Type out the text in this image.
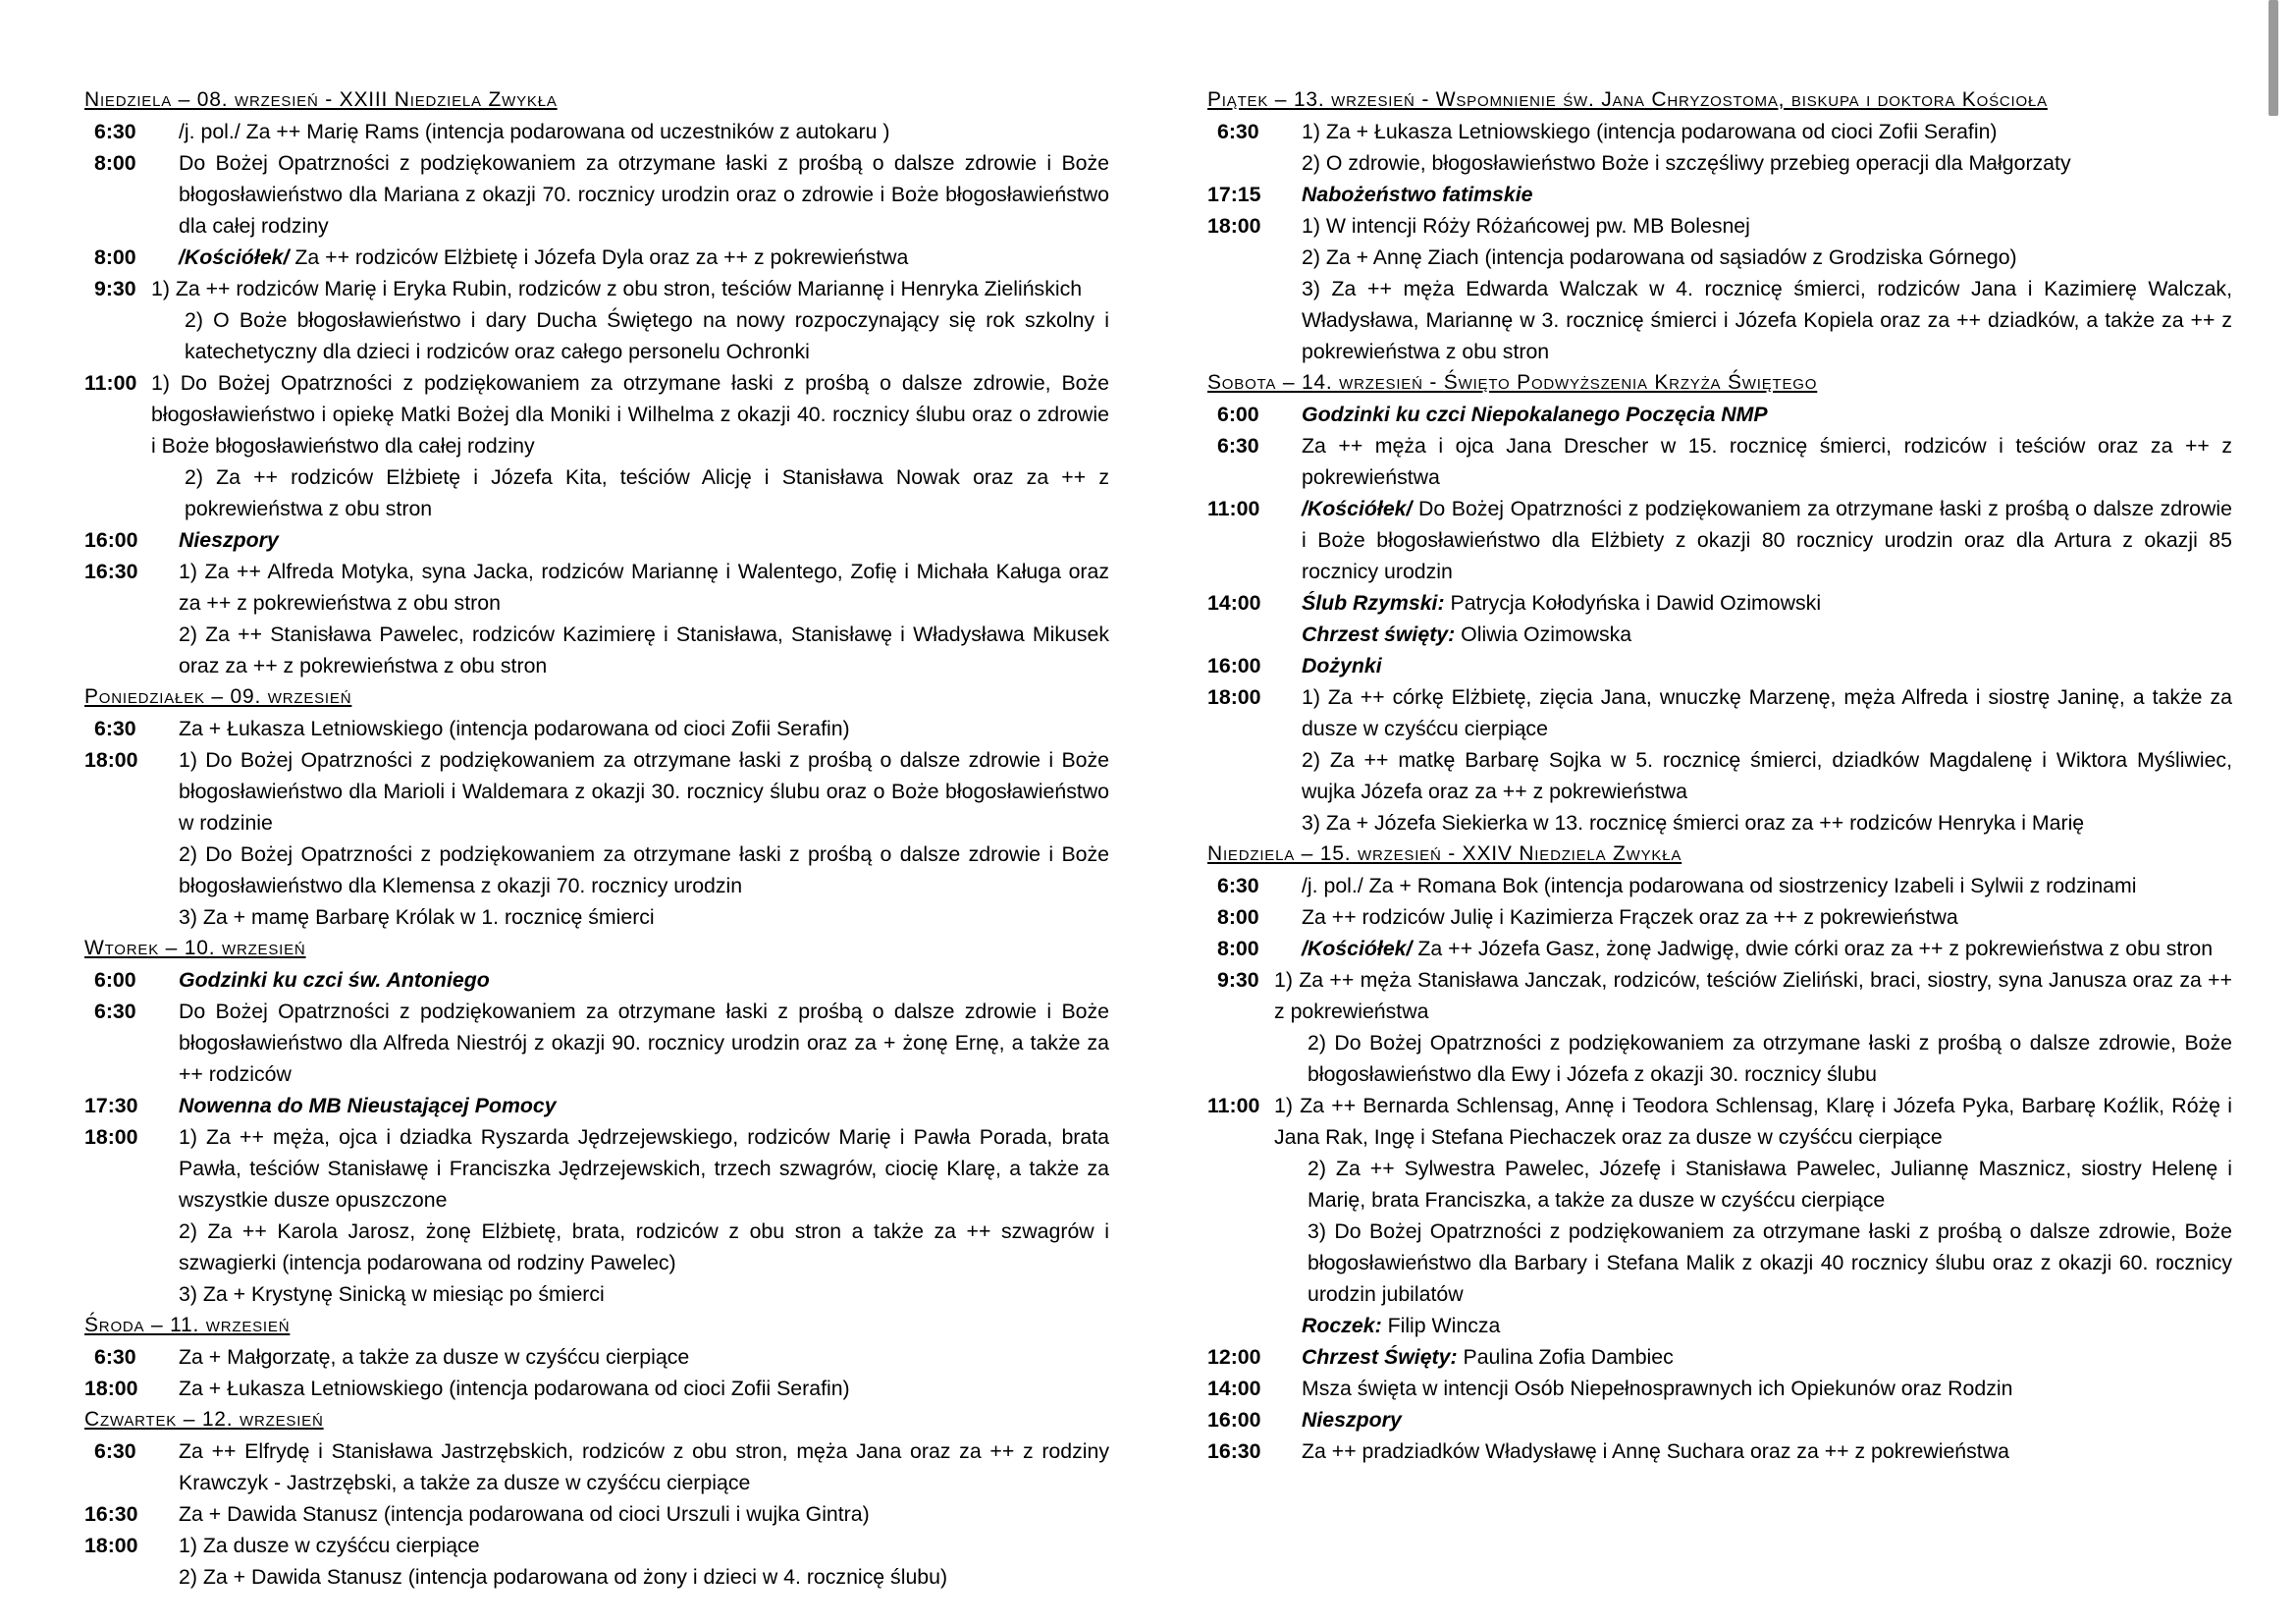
Niedziela – 08. wrzesień - XXIII Niedziela Zwykła
6:30	/j. pol./ Za ++ Marię Rams (intencja podarowana od uczestników z autokaru )

8:00	Do Bożej Opatrzności z podziękowaniem za otrzymane łaski z prośbą o dalsze zdrowie i Boże błogosławieństwo dla Mariana z okazji 70. rocznicy urodzin oraz o zdrowie i Boże błogosławieństwo dla całej rodziny

8:00	/Kościółek/ Za ++ rodziców Elżbietę i Józefa Dyla oraz za ++ z pokrewieństwa

9:30 1) Za ++ rodziców Marię i Eryka Rubin, rodziców z obu stron, teściów Mariannę i Henryka Zielińskich

2) O Boże błogosławieństwo i dary Ducha Świętego na nowy rozpoczynający się rok szkolny i katechetyczny dla dzieci i rodziców oraz całego personelu Ochronki

11:00 1) Do Bożej Opatrzności z podziękowaniem za otrzymane łaski z prośbą o dalsze zdrowie, Boże błogosławieństwo i opiekę Matki Bożej dla Moniki i Wilhelma z okazji 40. rocznicy ślubu oraz o zdrowie i Boże błogosławieństwo dla całej rodziny

2) Za ++ rodziców Elżbietę i Józefa Kita, teściów Alicję i Stanisława Nowak oraz za ++ z pokrewieństwa z obu stron

16:00	Nieszpory

16:30	1) Za ++ Alfreda Motyka, syna Jacka, rodziców Mariannę i Walentego, Zofię i Michała Kaługa oraz za ++ z pokrewieństwa z obu stron

2) Za ++ Stanisława Pawelec, rodziców Kazimierę i Stanisława, Stanisławę i Władysława Mikusek oraz za ++ z pokrewieństwa z obu stron

Poniedziałek – 09. wrzesień
6:30	Za + Łukasza Letniowskiego (intencja podarowana od cioci Zofii Serafin)

18:00	1) Do Bożej Opatrzności z podziękowaniem za otrzymane łaski z prośbą o dalsze zdrowie i Boże błogosławieństwo dla Marioli i Waldemara z okazji 30. rocznicy ślubu oraz o Boże błogosławieństwo w rodzinie

2) Do Bożej Opatrzności z podziękowaniem za otrzymane łaski z prośbą o dalsze zdrowie i Boże błogosławieństwo dla Klemensa z okazji 70. rocznicy urodzin

3) Za + mamę Barbarę Królak w 1. rocznicę śmierci

Wtorek – 10. wrzesień
6:00	Godzinki ku czci św. Antoniego

6:30	Do Bożej Opatrzności z podziękowaniem za otrzymane łaski z prośbą o dalsze zdrowie i Boże błogosławieństwo dla Alfreda Niestrój z okazji 90. rocznicy urodzin oraz za + żonę Ernę, a także za ++ rodziców

17:30	Nowenna do MB Nieustającej Pomocy

18:00	1) Za ++ męża, ojca i dziadka Ryszarda Jędrzejewskiego, rodziców Marię i Pawła Porada, brata Pawła, teściów Stanisławę i Franciszka Jędrzejewskich, trzech szwagrów, ciocię Klarę, a także za wszystkie dusze opuszczone

2) Za ++ Karola Jarosz, żonę Elżbietę, brata, rodziców z obu stron a także za ++ szwagrów i szwagierki (intencja podarowana od rodziny Pawelec)

3) Za + Krystynę Sinicką w miesiąc po śmierci

Środa – 11. wrzesień
6:30	Za + Małgorzatę, a także za dusze w czyśćcu cierpiące

18:00	Za + Łukasza Letniowskiego (intencja podarowana od cioci Zofii Serafin)

Czwartek – 12. wrzesień
6:30	Za ++ Elfrydę i Stanisława Jastrzębskich, rodziców z obu stron, męża Jana oraz za ++ z rodziny Krawczyk - Jastrzębski, a także za dusze w czyśćcu cierpiące

16:30	Za + Dawida Stanusz (intencja podarowana od cioci Urszuli i wujka Gintra)

18:00	1) Za dusze w czyśćcu cierpiące

2) Za + Dawida Stanusz (intencja podarowana od żony i dzieci w 4. rocznicę ślubu)

Piątek – 13. wrzesień - Wspomnienie św. Jana Chryzostoma, biskupa i doktora Kościoła
6:30	1) Za + Łukasza Letniowskiego (intencja podarowana od cioci Zofii Serafin)

2) O zdrowie, błogosławieństwo Boże i szczęśliwy przebieg operacji dla Małgorzaty

17:15	Nabożeństwo fatimskie

18:00	1) W intencji Róży Różańcowej pw. MB Bolesnej

2) Za + Annę Ziach (intencja podarowana od sąsiadów z Grodziska Górnego)

3) Za ++ męża Edwarda Walczak w 4. rocznicę śmierci, rodziców Jana i Kazimierę Walczak, Władysława, Mariannę w 3. rocznicę śmierci i Józefa Kopiela oraz za ++ dziadków, a także za ++ z pokrewieństwa z obu stron

Sobota – 14. wrzesień - Święto Podwyższenia Krzyża Świętego
6:00	Godzinki ku czci Niepokalanego Poczęcia NMP

6:30	Za ++ męża i ojca Jana Drescher w 15. rocznicę śmierci, rodziców i teściów oraz za ++ z pokrewieństwa

11:00	/Kościółek/ Do Bożej Opatrzności z podziękowaniem za otrzymane łaski z prośbą o dalsze zdrowie i Boże błogosławieństwo dla Elżbiety z okazji 80 rocznicy urodzin oraz dla Artura z okazji 85 rocznicy urodzin

14:00	Ślub Rzymski: Patrycja Kołodyńska i Dawid Ozimowski

Chrzest święty: Oliwia Ozimowska

16:00	Dożynki

18:00	1) Za ++ córkę Elżbietę, zięcia Jana, wnuczkę Marzenę, męża Alfreda i siostrę Janinę, a także za dusze w czyśćcu cierpiące

2) Za ++ matkę Barbarę Sojka w 5. rocznicę śmierci, dziadków Magdalenę i Wiktora Myśliwiec, wujka Józefa oraz za ++ z pokrewieństwa

3) Za + Józefa Siekierka w 13. rocznicę śmierci oraz za ++ rodziców Henryka i Marię

Niedziela – 15. wrzesień - XXIV Niedziela Zwykła
6:30	/j. pol./ Za + Romana Bok (intencja podarowana od siostrzenicy Izabeli i Sylwii z rodzinami

8:00	Za ++ rodziców Julię i Kazimierza Frączek oraz za ++ z pokrewieństwa

8:00	/Kościółek/ Za ++ Józefa Gasz, żonę Jadwigę, dwie córki oraz za ++ z pokrewieństwa z obu stron

9:30 1) Za ++ męża Stanisława Janczak, rodziców, teściów Zieliński, braci, siostry, syna Janusza oraz za ++ z pokrewieństwa

2) Do Bożej Opatrzności z podziękowaniem za otrzymane łaski z prośbą o dalsze zdrowie, Boże błogosławieństwo dla Ewy i Józefa z okazji 30. rocznicy ślubu

11:00 1) Za ++ Bernarda Schlensag, Annę i Teodora Schlensag, Klarę i Józefa Pyka, Barbarę Koźlik, Różę i Jana Rak, Ingę i Stefana Piechaczek oraz za dusze w czyśćcu cierpiące

2) Za ++ Sylwestra Pawelec, Józefę i Stanisława Pawelec, Juliannę Masznicz, siostry Helenę i Marię, brata Franciszka, a także za dusze w czyśćcu cierpiące

3) Do Bożej Opatrzności z podziękowaniem za otrzymane łaski z prośbą o dalsze zdrowie, Boże błogosławieństwo dla Barbary i Stefana Malik z okazji 40 rocznicy ślubu oraz z okazji 60. rocznicy urodzin jubilatów

Roczek: Filip Wincza

12:00	Chrzest Święty: Paulina Zofia Dambiec

14:00	Msza święta w intencji Osób Niepełnosprawnych ich Opiekunów oraz Rodzin

16:00	Nieszpory

16:30	Za ++ pradziadków Władysławę i Annę Suchara oraz za ++ z pokrewieństwa
